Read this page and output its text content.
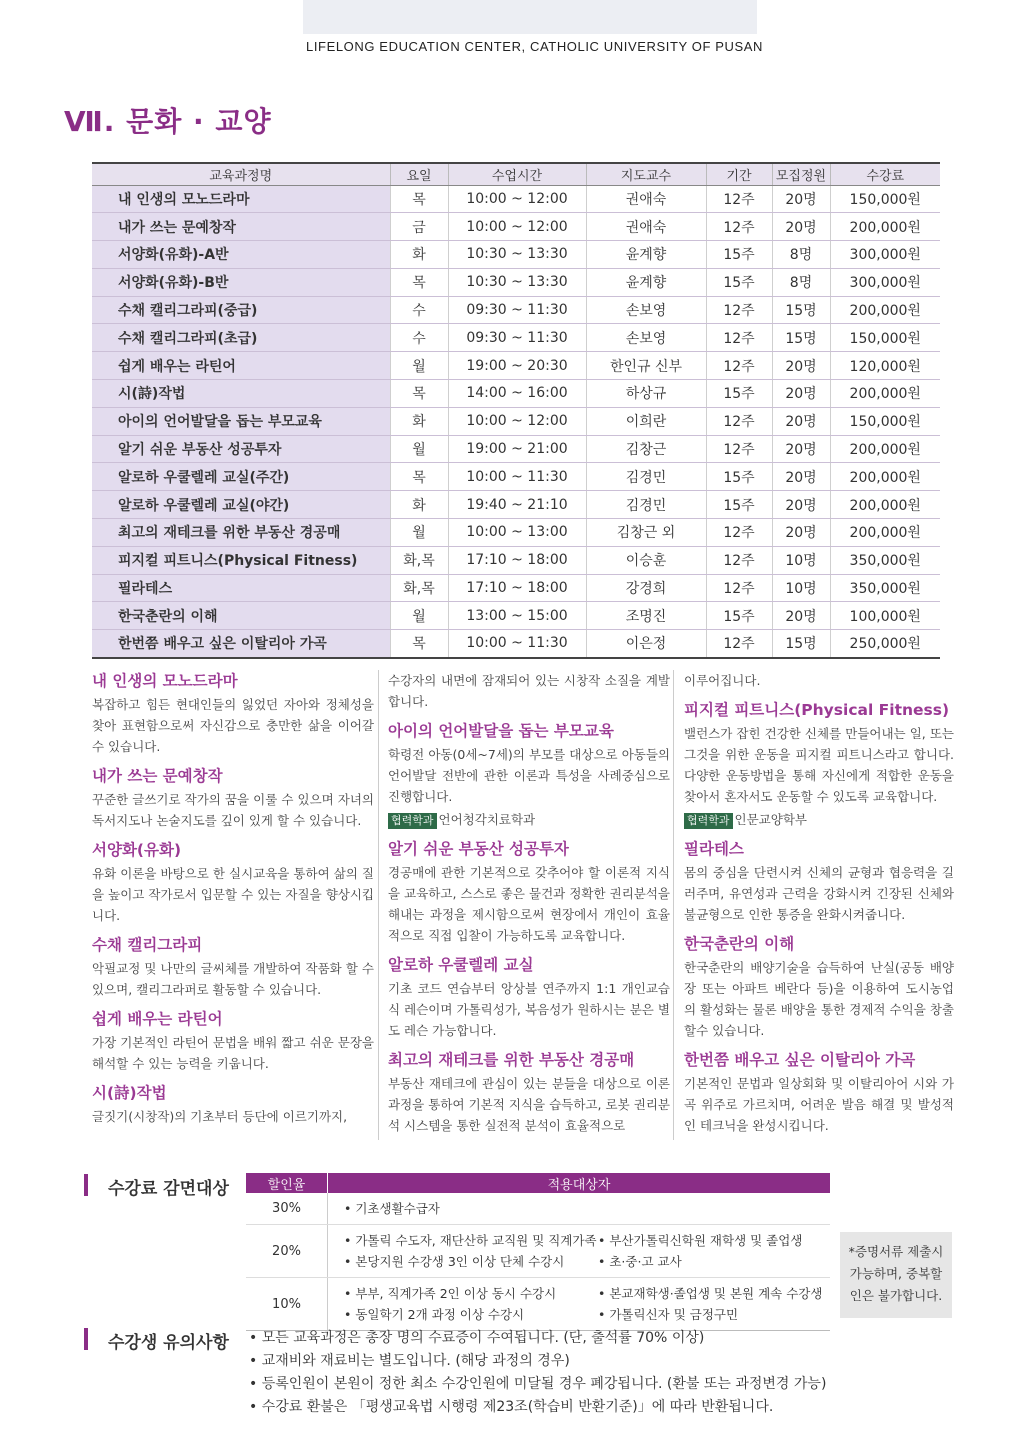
LIFELONG EDUCATION CENTER, CATHOLIC UNIVERSITY OF PUSAN
Ⅶ. 문화 · 교양
교육과정명	요일	수업시간	지도교수	기간	모집정원	수강료
내 인생의 모노드라마	목	10:00 ~ 12:00	권애숙	12주	20명	150,000원
내가 쓰는 문예창작	금	10:00 ~ 12:00	권애숙	12주	20명	200,000원
서양화(유화)-A반	화	10:30 ~ 13:30	윤계향	15주	8명	300,000원
서양화(유화)-B반	목	10:30 ~ 13:30	윤계향	15주	8명	300,000원
수채 캘리그라피(중급)	수	09:30 ~ 11:30	손보영	12주	15명	200,000원
수채 캘리그라피(초급)	수	09:30 ~ 11:30	손보영	12주	15명	150,000원
쉽게 배우는 라틴어	월	19:00 ~ 20:30	한인규 신부	12주	20명	120,000원
시(詩)작법	목	14:00 ~ 16:00	하상규	15주	20명	200,000원
아이의 언어발달을 돕는 부모교육	화	10:00 ~ 12:00	이희란	12주	20명	150,000원
알기 쉬운 부동산 성공투자	월	19:00 ~ 21:00	김창근	12주	20명	200,000원
알로하 우쿨렐레 교실(주간)	목	10:00 ~ 11:30	김경민	15주	20명	200,000원
알로하 우쿨렐레 교실(야간)	화	19:40 ~ 21:10	김경민	15주	20명	200,000원
최고의 재테크를 위한 부동산 경공매	월	10:00 ~ 13:00	김창근 외	12주	20명	200,000원
피지컬 피트니스(Physical Fitness)	화,목	17:10 ~ 18:00	이승훈	12주	10명	350,000원
필라테스	화,목	17:10 ~ 18:00	강경희	12주	10명	350,000원
한국춘란의 이해	월	13:00 ~ 15:00	조명진	15주	20명	100,000원
한번쯤 배우고 싶은 이탈리아 가곡	목	10:00 ~ 11:30	이은정	12주	15명	250,000원
내 인생의 모노드라마

복잡하고 힘든 현대인들의 잃었던 자아와 정체성을 찾아 표현함으로써 자신감으로 충만한 삶을 이어갈 수 있습니다.

내가 쓰는 문예창작

꾸준한 글쓰기로 작가의 꿈을 이룰 수 있으며 자녀의 독서지도나 논술지도를 깊이 있게 할 수 있습니다.

서양화(유화)

유화 이론을 바탕으로 한 실시교육을 통하여 삶의 질을 높이고 작가로서 입문할 수 있는 자질을 향상시킵니다.

수채 캘리그라피

악필교정 및 나만의 글씨체를 개발하여 작품화 할 수 있으며, 캘리그라퍼로 활동할 수 있습니다.

쉽게 배우는 라틴어

가장 기본적인 라틴어 문법을 배워 짧고 쉬운 문장을 해석할 수 있는 능력을 키웁니다.

시(詩)작법

글짓기(시창작)의 기초부터 등단에 이르기까지,

수강자의 내면에 잠재되어 있는 시창작 소질을 계발합니다.

아이의 언어발달을 돕는 부모교육

학령전 아동(0세~7세)의 부모를 대상으로 아동들의 언어발달 전반에 관한 이론과 특성을 사례중심으로 진행합니다.

협력학과 언어청각치료학과
알기 쉬운 부동산 성공투자

경공매에 관한 기본적으로 갖추어야 할 이론적 지식을 교육하고, 스스로 좋은 물건과 정확한 권리분석을 해내는 과정을 제시함으로써 현장에서 개인이 효율적으로 직접 입찰이 가능하도록 교육합니다.

알로하 우쿨렐레 교실

기초 코드 연습부터 앙상블 연주까지 1:1 개인교습식 레슨이며 가톨릭성가, 복음성가 원하시는 분은 별도 레슨 가능합니다.

최고의 재테크를 위한 부동산 경공매

부동산 재테크에 관심이 있는 분들을 대상으로 이론과정을 통하여 기본적 지식을 습득하고, 로봇 권리분석 시스템을 통한 실전적 분석이 효율적으로

이루어집니다.

피지컬 피트니스(Physical Fitness)

밸런스가 잡힌 건강한 신체를 만들어내는 일, 또는 그것을 위한 운동을 피지컬 피트니스라고 합니다. 다양한 운동방법을 통해 자신에게 적합한 운동을 찾아서 혼자서도 운동할 수 있도록 교육합니다.

협력학과 인문교양학부
필라테스

몸의 중심을 단련시켜 신체의 균형과 협응력을 길러주며, 유연성과 근력을 강화시켜 긴장된 신체와 불균형으로 인한 통증을 완화시켜줍니다.

한국춘란의 이해

한국춘란의 배양기술을 습득하여 난실(공동 배양장 또는 아파트 베란다 등)을 이용하여 도시농업의 활성화는 물론 배양을 통한 경제적 수익을 창출할수 있습니다.

한번쯤 배우고 싶은 이탈리아 가곡

기본적인 문법과 일상회화 및 이탈리아어 시와 가곡 위주로 가르치며, 어려운 발음 해결 및 발성적인 테크닉을 완성시킵니다.

수강료 감면대상	할인율	적용대상자
30%	• 기초생활수급자

20%	• 가톨릭 수도자, 재단산하 교직원 및 직계가족 • 부산가톨릭신학원 재학생 및 졸업생
• 본당지원 수강생 3인 이상 단체 수강시 • 초·중·고 교사

10%	• 부부, 직계가족 2인 이상 동시 수강시 • 본교재학생·졸업생 및 본원 계속 수강생
• 동일학기 2개 과정 이상 수강시 • 가톨릭신자 및 금정구민
*증명서류 제출시
가능하며, 중복할
인은 불가합니다.
수강생 유의사항 • 모든 교육과정은 총장 명의 수료증이 수여됩니다. (단, 출석률 70% 이상)
• 교재비와 재료비는 별도입니다. (해당 과정의 경우)
• 등록인원이 본원이 정한 최소 수강인원에 미달될 경우 폐강됩니다. (환불 또는 과정변경 가능)
• 수강료 환불은 「평생교육법 시행령 제23조(학습비 반환기준)」에 따라 반환됩니다.
